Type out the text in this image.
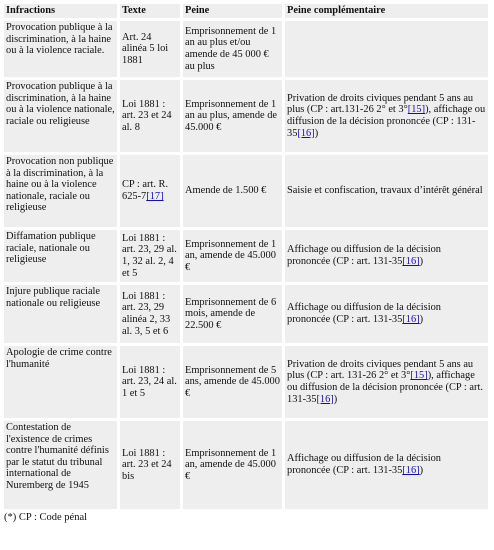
Infractions	Texte	Peine	Peine complémentaire
Provocation publique à la discrimination, à la haine ou à la violence raciale.	Art. 24 alinéa 5 loi 1881	Emprisonnement de 1 an au plus et/ou amende de 45 000 € au plus	
Provocation publique à la discrimination, à la haine ou à la violence nationale, raciale ou religieuse	Loi 1881 : art. 23 et 24 al. 8	Emprisonnement de 1 an au plus, amende de 45.000 €	Privation de droits civiques pendant 5 ans au plus (CP : art.131-26 2° et 3°[15]), affichage ou diffusion de la décision prononcée (CP : 131-35[16])
Provocation non publique à la discrimination, à la haine ou à la violence nationale, raciale ou religieuse	CP : art. R. 625-7[17]	Amende de 1.500 €	Saisie et confiscation, travaux d’intérêt général
Diffamation publique raciale, nationale ou religieuse	Loi 1881 : art. 23, 29 al. 1, 32 al. 2, 4 et 5	Emprisonnement de 1 an, amende de 45.000 €	Affichage ou diffusion de la décision prononcée (CP : art. 131-35[16])
Injure publique raciale nationale ou religieuse	Loi 1881 : art. 23, 29 alinéa 2, 33 al. 3, 5 et 6	Emprisonnement de 6 mois, amende de 22.500 €	Affichage ou diffusion de la décision prononcée (CP : art. 131-35[16])
Apologie de crime contre l'humanité	Loi 1881 : art. 23, 24 al. 1 et 5	Emprisonnement de 5 ans, amende de 45.000 €	Privation de droits civiques pendant 5 ans au plus (CP : art. 131-26 2° et 3°[15]), affichage ou diffusion de la décision prononcée (CP : art. 131-35[16])
Contestation de l'existence de crimes contre l'humanité définis par le statut du tribunal international de Nuremberg de 1945	Loi 1881 : art. 23 et 24 bis	Emprisonnement de 1 an, amende de 45.000 €	Affichage ou diffusion de la décision prononcée (CP : art. 131-35[16])
(*) CP : Code pénal
